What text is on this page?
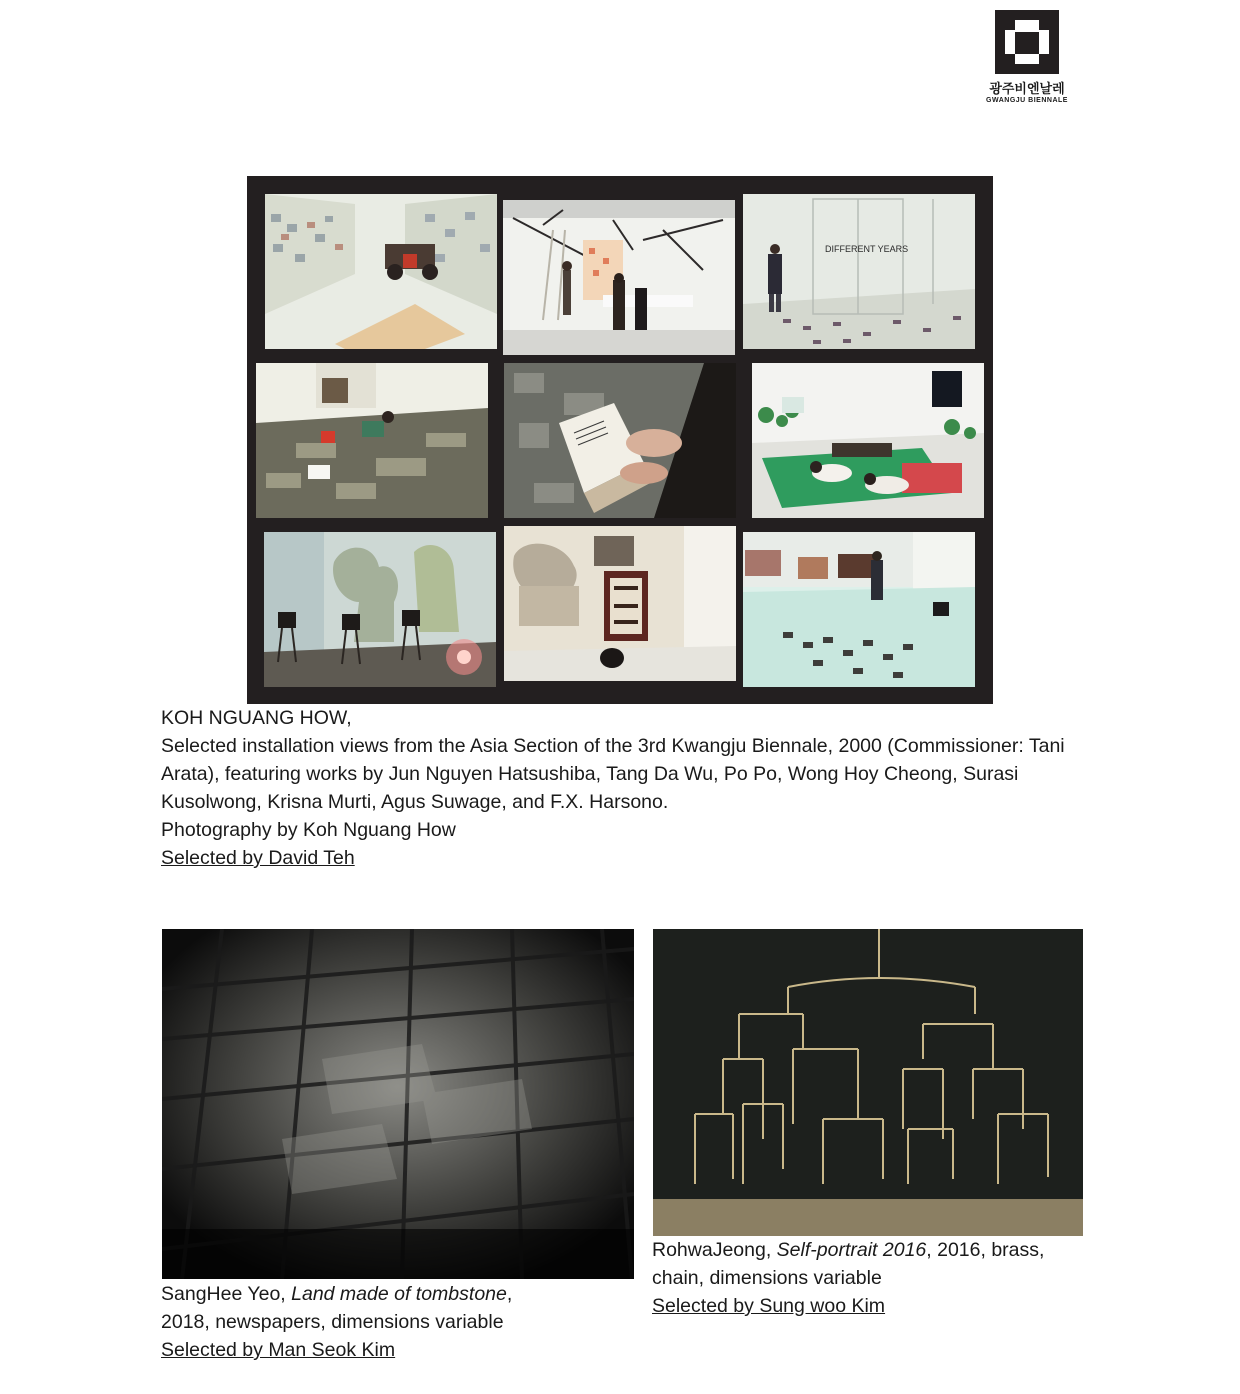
광주비엔날레
GWANGJU BIENNALE
DIFFERENT YEARS
KOH NGUANG HOW,
Selected installation views from the Asia Section of the 3rd Kwangju Biennale, 2000 (Commissioner: Tani Arata), featuring works by Jun Nguyen Hatsushiba, Tang Da Wu, Po Po, Wong Hoy Cheong, Surasi Kusolwong, Krisna Murti, Agus Suwage, and F.X. Harsono.
Photography by Koh Nguang How
Selected by David Teh
SangHee Yeo, Land made of tombstone,
2018, newspapers, dimensions variable
Selected by Man Seok Kim
RohwaJeong, Self-portrait 2016, 2016, brass,
chain, dimensions variable
Selected by Sung woo Kim
